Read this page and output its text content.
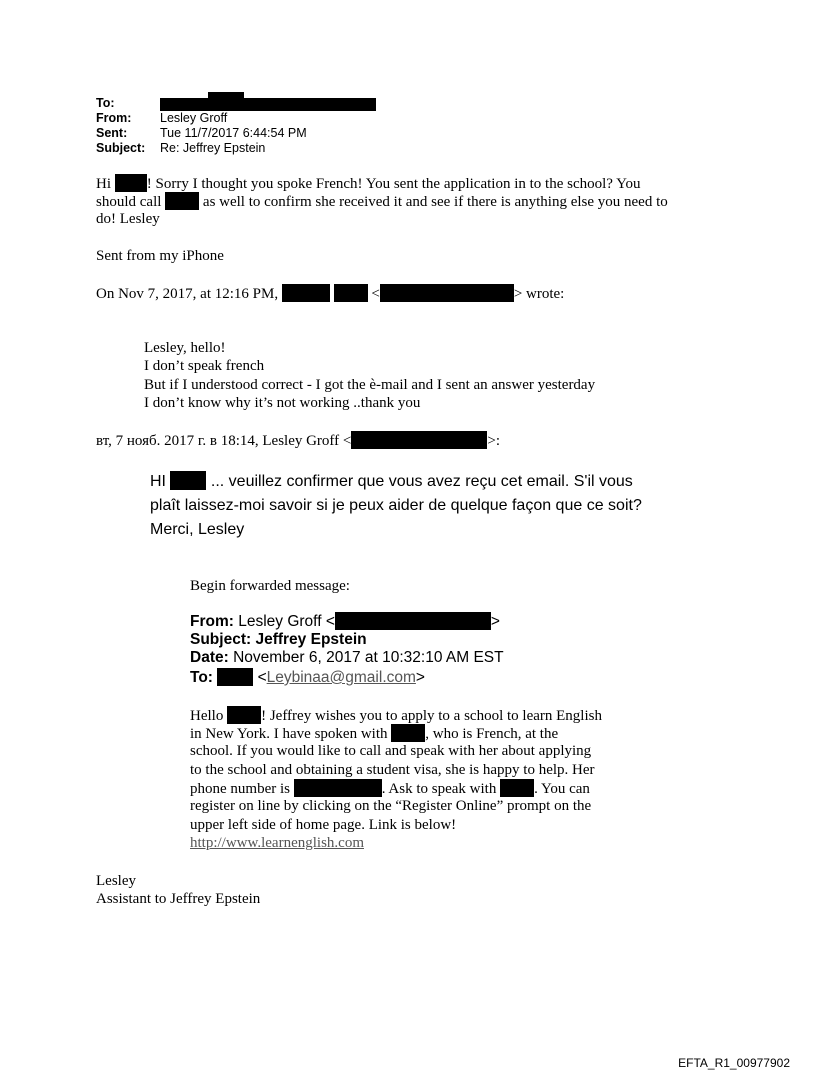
To:
From:	Lesley Groff
Sent:	Tue 11/7/2017 6:44:54 PM
Subject:	Re: Jeffrey Epstein
Hi ! Sorry I thought you spoke French! You sent the application in to the school? You
should call  as well to confirm she received it and see if there is anything else you need to
do! Lesley
Sent from my iPhone
On Nov 7, 2017, at 12:16 PM,	<	> wrote:
Lesley, hello!
I don’t speak french
But if I understood correct - I got the è-mail and I sent an answer yesterday
I don’t know why it’s not working ..thank you
вт, 7 нояб. 2017 г. в 18:14, Lesley Groff <	>:
HI  ... veuillez confirmer que vous avez reçu cet email. S'il vous
plaît laissez-moi savoir si je peux aider de quelque façon que ce soit?
Merci, Lesley
Begin forwarded message:
From: Lesley Groff <	>
Subject: Jeffrey Epstein
Date: November 6, 2017 at 10:32:10 AM EST
To:	<Leybinaa@gmail.com>
Hello ! Jeffrey wishes you to apply to a school to learn English
in New York. I have spoken with , who is French, at the
school. If you would like to call and speak with her about applying
to the school and obtaining a student visa, she is happy to help. Her
phone number is	. Ask to speak with . You can
register on line by clicking on the “Register Online” prompt on the
upper left side of home page. Link is below!
http://www.learnenglish.com
Lesley
Assistant to Jeffrey Epstein
EFTA_R1_00977902
